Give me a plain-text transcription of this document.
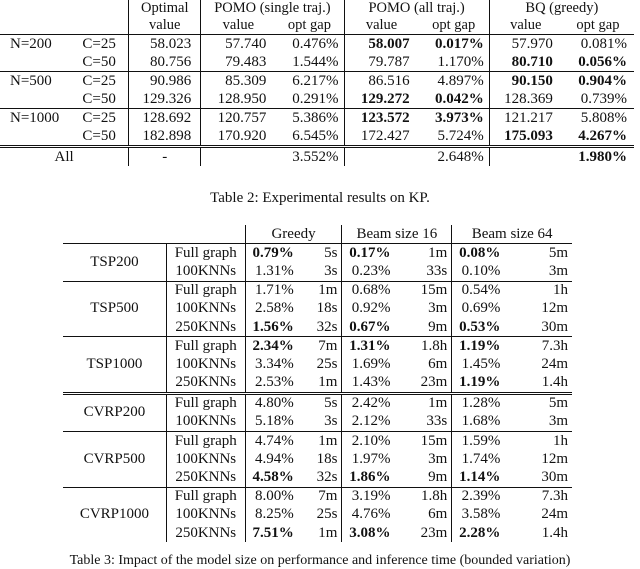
		Optimal	POMO (single traj.)		POMO (all traj.)		BQ (greedy)	
		value	value	opt gap	value	opt gap	value	opt gap
N=200	C=25	58.023	57.740	0.476%	58.007	0.017%	57.970	0.081%
	C=50	80.756	79.483	1.544%	79.787	1.170%	80.710	0.056%
N=500	C=25	90.986	85.309	6.217%	86.516	4.897%	90.150	0.904%
	C=50	129.326	128.950	0.291%	129.272	0.042%	128.369	0.739%
N=1000	C=25	128.692	120.757	5.386%	123.572	3.973%	121.217	5.808%
	C=50	182.898	170.920	6.545%	172.427	5.724%	175.093	4.267%
All		-		3.552%		2.648%		1.980%
Table 2: Experimental results on KP.
		Greedy		Beam size 16		Beam size 64	
TSP200	Full graph	0.79%	5s	0.17%	1m	0.08%	5m
	100KNNs	1.31%	3s	0.23%	33s	0.10%	3m
TSP500	Full graph	1.71%	1m	0.68%	15m	0.54%	1h
	100KNNs	2.58%	18s	0.92%	3m	0.69%	12m
	250KNNs	1.56%	32s	0.67%	9m	0.53%	30m
TSP1000	Full graph	2.34%	7m	1.31%	1.8h	1.19%	7.3h
	100KNNs	3.34%	25s	1.69%	6m	1.45%	24m
	250KNNs	2.53%	1m	1.43%	23m	1.19%	1.4h
CVRP200	Full graph	4.80%	5s	2.42%	1m	1.28%	5m
	100KNNs	5.18%	3s	2.12%	33s	1.68%	3m
CVRP500	Full graph	4.74%	1m	2.10%	15m	1.59%	1h
	100KNNs	4.94%	18s	1.97%	3m	1.74%	12m
	250KNNs	4.58%	32s	1.86%	9m	1.14%	30m
CVRP1000	Full graph	8.00%	7m	3.19%	1.8h	2.39%	7.3h
	100KNNs	8.25%	25s	4.76%	6m	3.58%	24m
	250KNNs	7.51%	1m	3.08%	23m	2.28%	1.4h
Table 3: Impact of the model size on performance and inference time (bounded variation)
